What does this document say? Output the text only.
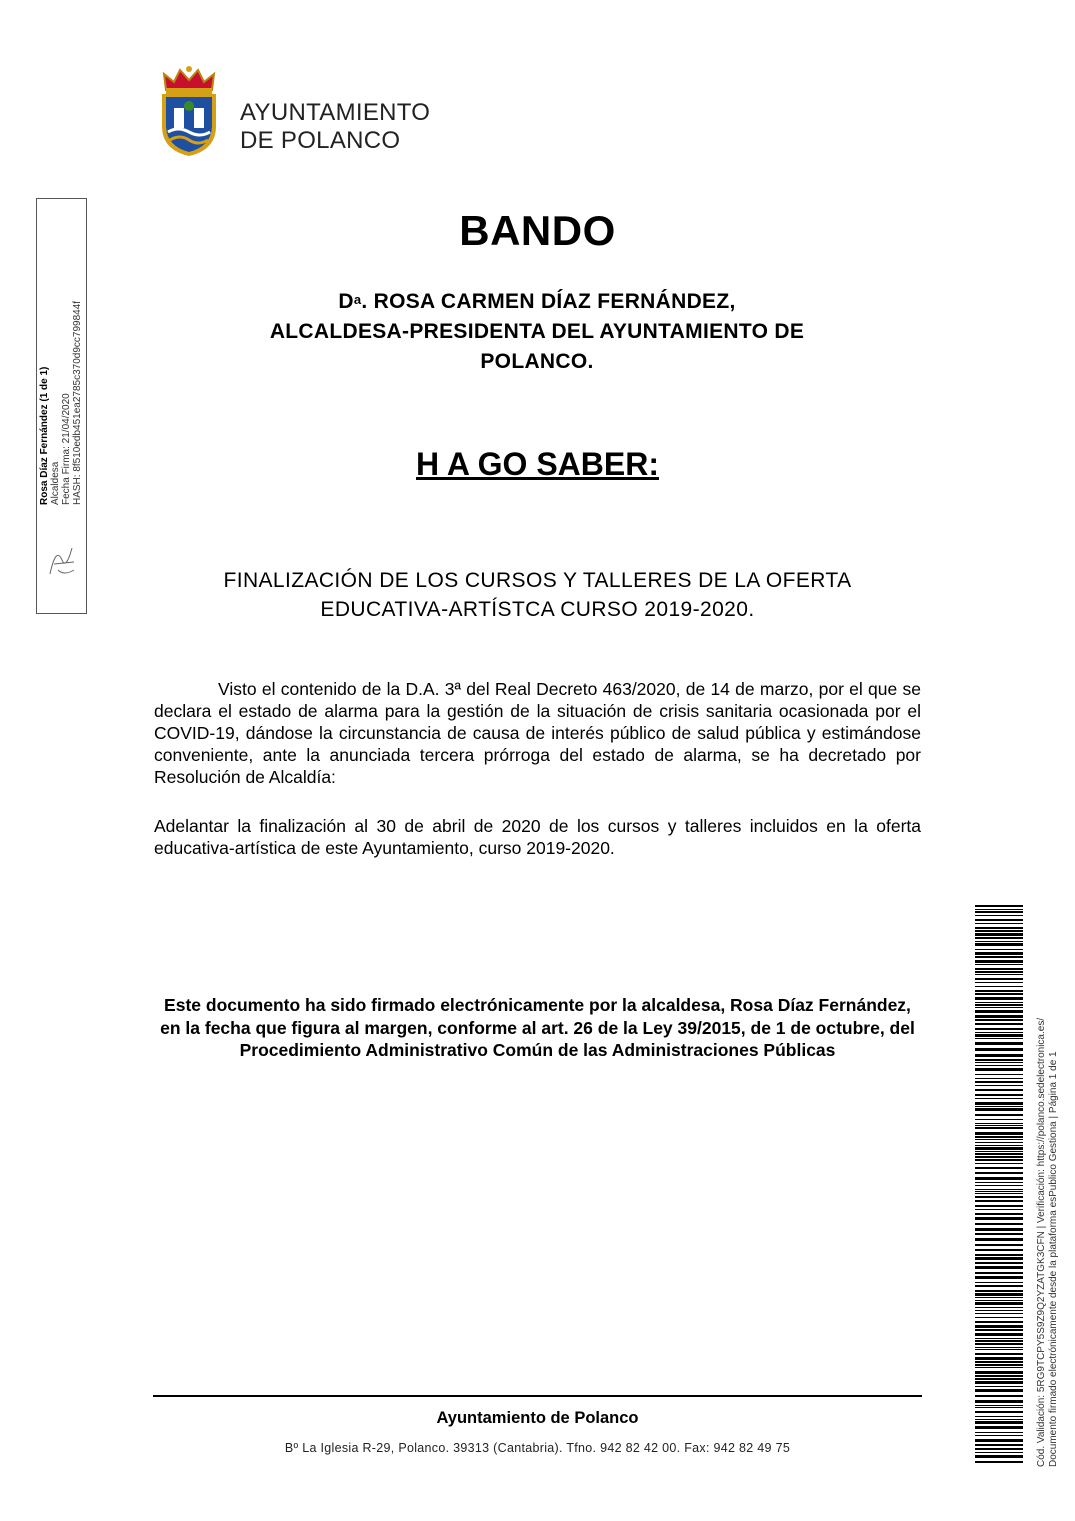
AYUNTAMIENTO
DE POLANCO
Rosa Díaz Fernández (1 de 1) Alcaldesa Fecha Firma: 21/04/2020 HASH: 8f510edb451ea2785c370d9cc799844f
BANDO
$D^a$. ROSA CARMEN DÍAZ FERNÁNDEZ,
ALCALDESA-PRESIDENTA DEL AYUNTAMIENTO DE
POLANCO.
H A GO SABER:
FINALIZACIÓN DE LOS CURSOS Y TALLERES DE LA OFERTA
EDUCATIVA-ARTÍSTCA CURSO 2019-2020.
Visto el contenido de la D.A. 3ª del Real Decreto 463/2020, de 14 de marzo, por el que se declara el estado de alarma para la gestión de la situación de crisis sanitaria ocasionada por el COVID-19, dándose la circunstancia de causa de interés público de salud pública y estimándose conveniente, ante la anunciada tercera prórroga del estado de alarma, se ha decretado por Resolución de Alcaldía:
Adelantar la finalización al 30 de abril de 2020 de los cursos y talleres incluidos en la oferta educativa-artística de este Ayuntamiento, curso 2019-2020.
Este documento ha sido firmado electrónicamente por la alcaldesa, Rosa Díaz Fernández, en la fecha que figura al margen, conforme al art. 26 de la Ley 39/2015, de 1 de octubre, del Procedimiento Administrativo Común de las Administraciones Públicas
Ayuntamiento de Polanco
Bº La Iglesia R-29, Polanco. 39313 (Cantabria). Tfno. 942 82 42 00. Fax: 942 82 49 75	Cód. Validación: 5RG9TCPY5S9Z9Q2YZATGK3CFN | Verificación: https://polanco.sedelectronica.es/ Documento firmado electrónicamente desde la plataforma esPublico Gestiona | Página 1 de 1
